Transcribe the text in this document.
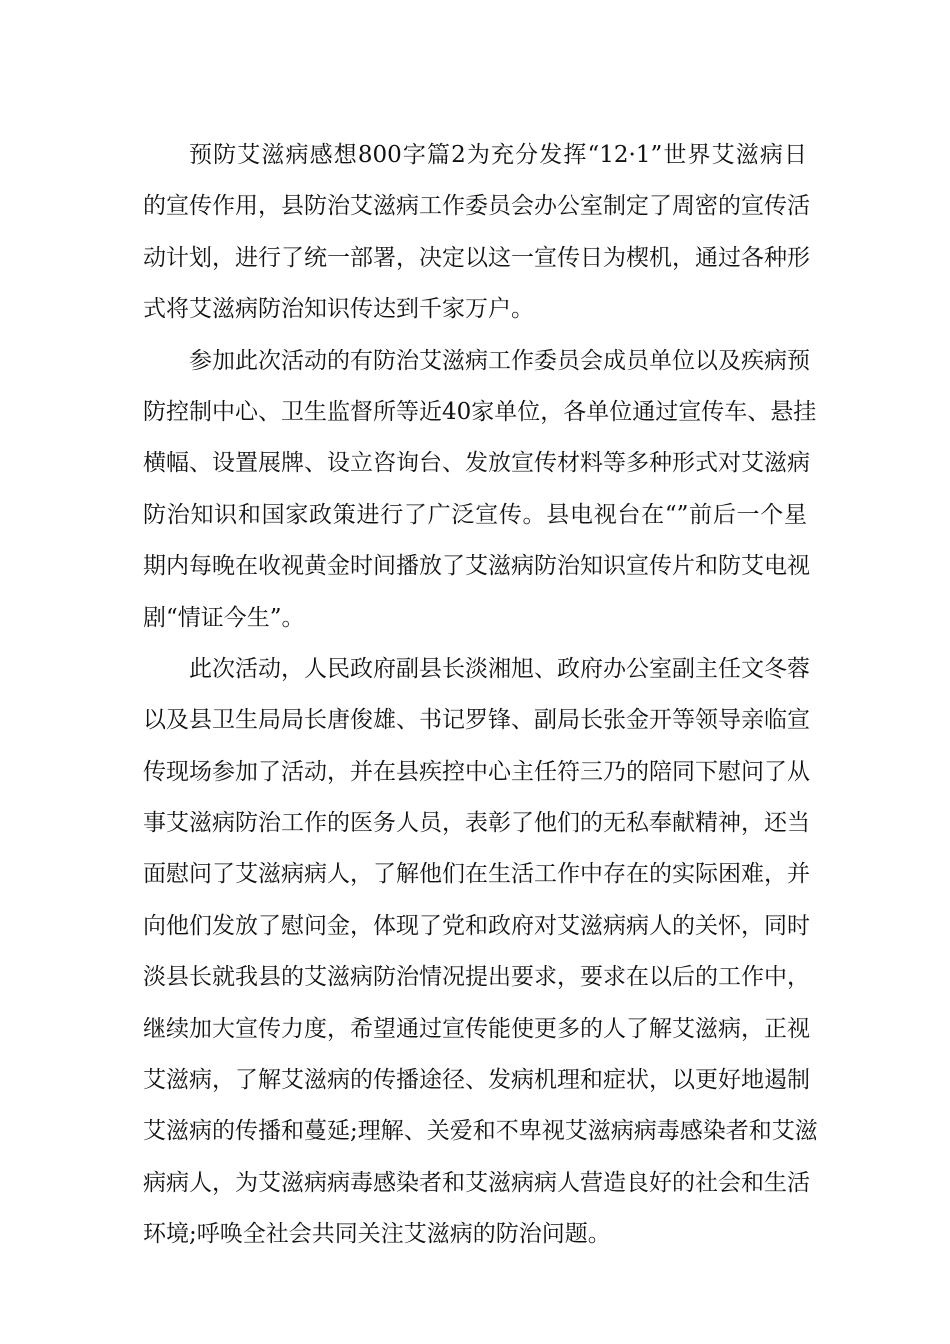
预防艾滋病感想800字篇2为充分发挥“12·1”世界艾滋病日
的宣传作用，县防治艾滋病工作委员会办公室制定了周密的宣传活
动计划，进行了统一部署，决定以这一宣传日为楔机，通过各种形
式将艾滋病防治知识传达到千家万户。
参加此次活动的有防治艾滋病工作委员会成员单位以及疾病预
防控制中心、卫生监督所等近40家单位，各单位通过宣传车、悬挂
横幅、设置展牌、设立咨询台、发放宣传材料等多种形式对艾滋病
防治知识和国家政策进行了广泛宣传。县电视台在“”前后一个星
期内每晚在收视黄金时间播放了艾滋病防治知识宣传片和防艾电视
剧“情证今生”。
此次活动，人民政府副县长淡湘旭、政府办公室副主任文冬蓉
以及县卫生局局长唐俊雄、书记罗锋、副局长张金开等领导亲临宣
传现场参加了活动，并在县疾控中心主任符三乃的陪同下慰问了从
事艾滋病防治工作的医务人员，表彰了他们的无私奉献精神，还当
面慰问了艾滋病病人，了解他们在生活工作中存在的实际困难，并
向他们发放了慰问金，体现了党和政府对艾滋病病人的关怀，同时
淡县长就我县的艾滋病防治情况提出要求，要求在以后的工作中，
继续加大宣传力度，希望通过宣传能使更多的人了解艾滋病，正视
艾滋病，了解艾滋病的传播途径、发病机理和症状，以更好地遏制
艾滋病的传播和蔓延;理解、关爱和不卑视艾滋病病毒感染者和艾滋
病病人，为艾滋病病毒感染者和艾滋病病人营造良好的社会和生活
环境;呼唤全社会共同关注艾滋病的防治问题。
